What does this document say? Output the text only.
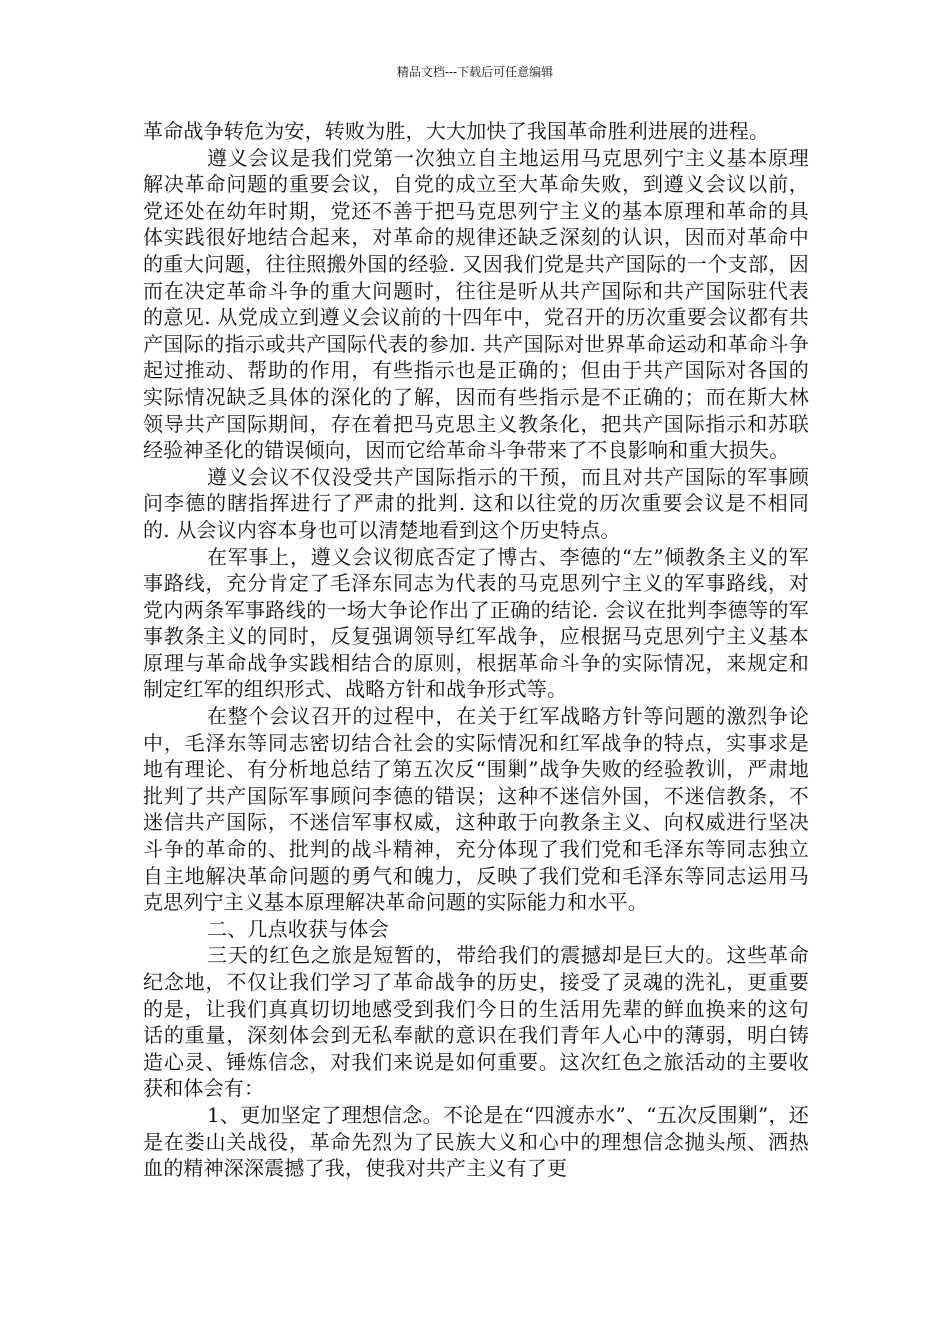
精品文档---下载后可任意编辑

革命战争转危为安，转败为胜，大大加快了我国革命胜利进展的进程。

遵义会议是我们党第一次独立自主地运用马克思列宁主义基本原理解决革命问题的重要会议，自党的成立至大革命失败，到遵义会议以前，党还处在幼年时期，党还不善于把马克思列宁主义的基本原理和革命的具体实践很好地结合起来，对革命的规律还缺乏深刻的认识，因而对革命中的重大问题，往往照搬外国的经验. 又因我们党是共产国际的一个支部，因而在决定革命斗争的重大问题时，往往是听从共产国际和共产国际驻代表的意见. 从党成立到遵义会议前的十四年中，党召开的历次重要会议都有共产国际的指示或共产国际代表的参加. 共产国际对世界革命运动和革命斗争起过推动、帮助的作用，有些指示也是正确的；但由于共产国际对各国的实际情况缺乏具体的深化的了解，因而有些指示是不正确的；而在斯大林领导共产国际期间，存在着把马克思主义教条化，把共产国际指示和苏联经验神圣化的错误倾向，因而它给革命斗争带来了不良影响和重大损失。

遵义会议不仅没受共产国际指示的干预，而且对共产国际的军事顾问李德的瞎指挥进行了严肃的批判. 这和以往党的历次重要会议是不相同的. 从会议内容本身也可以清楚地看到这个历史特点。

在军事上，遵义会议彻底否定了博古、李德的“左”倾教条主义的军事路线，充分肯定了毛泽东同志为代表的马克思列宁主义的军事路线，对党内两条军事路线的一场大争论作出了正确的结论. 会议在批判李德等的军事教条主义的同时，反复强调领导红军战争，应根据马克思列宁主义基本原理与革命战争实践相结合的原则，根据革命斗争的实际情况，来规定和制定红军的组织形式、战略方针和战争形式等。

在整个会议召开的过程中，在关于红军战略方针等问题的激烈争论中，毛泽东等同志密切结合社会的实际情况和红军战争的特点，实事求是地有理论、有分析地总结了第五次反“围剿”战争失败的经验教训，严肃地批判了共产国际军事顾问李德的错误；这种不迷信外国，不迷信教条，不迷信共产国际，不迷信军事权威，这种敢于向教条主义、向权威进行坚决斗争的革命的、批判的战斗精神，充分体现了我们党和毛泽东等同志独立自主地解决革命问题的勇气和魄力，反映了我们党和毛泽东等同志运用马克思列宁主义基本原理解决革命问题的实际能力和水平。

二、几点收获与体会

三天的红色之旅是短暂的，带给我们的震撼却是巨大的。这些革命纪念地，不仅让我们学习了革命战争的历史，接受了灵魂的洗礼，更重要的是，让我们真真切切地感受到我们今日的生活用先辈的鲜血换来的这句话的重量，深刻体会到无私奉献的意识在我们青年人心中的薄弱，明白铸造心灵、锤炼信念，对我们来说是如何重要。这次红色之旅活动的主要收获和体会有：

1、更加坚定了理想信念。不论是在“四渡赤水”、“五次反围剿”，还是在娄山关战役，革命先烈为了民族大义和心中的理想信念抛头颅、洒热血的精神深深震撼了我，使我对共产主义有了更
